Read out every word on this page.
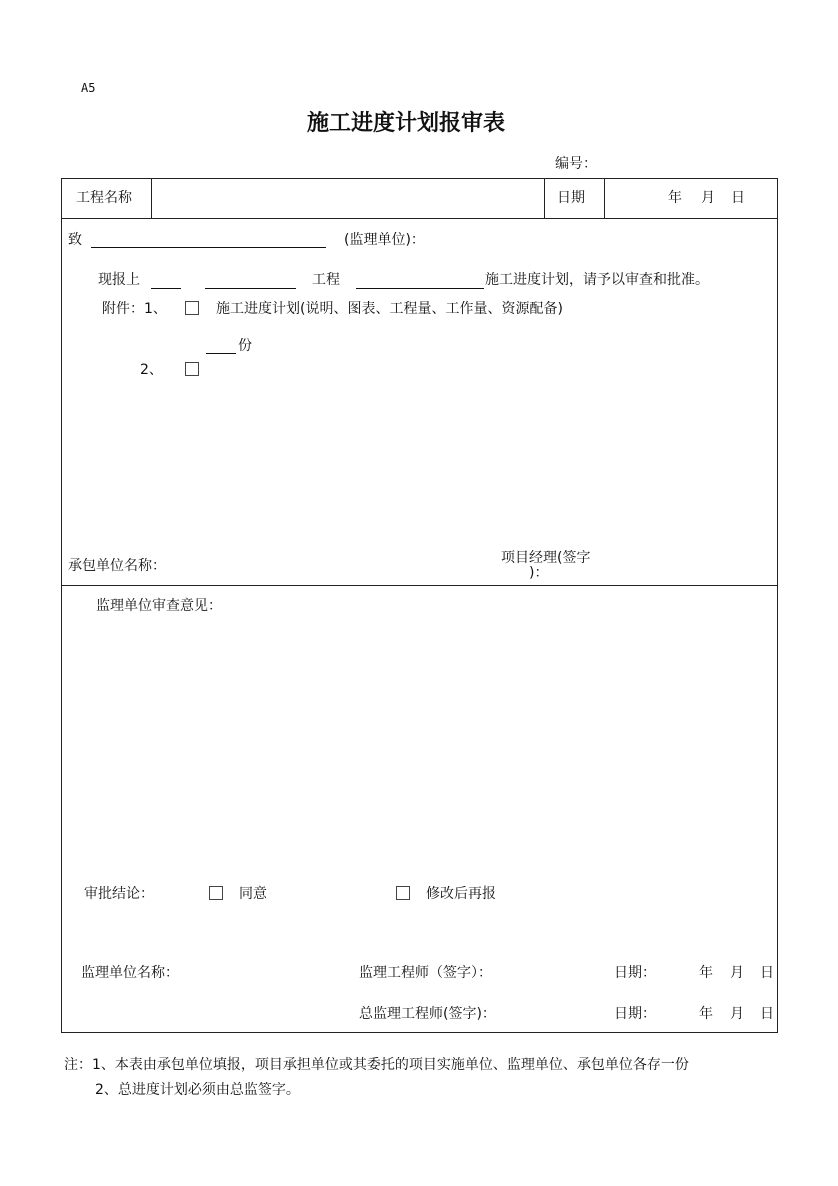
A5
施工进度计划报审表
编号：
工程名称	日期	年 月 日
致	(监理单位)：
现报上	工程	施工进度计划，请予以审查和批准。
附件：1、	施工进度计划(说明、图表、工程量、工作量、资源配备)
份
2、
承包单位名称：	项目经理(签字
)：
监理单位审查意见：
审批结论：	同意	修改后再报
监理单位名称：	监理工程师（签字）：	日期：	年 月 日
总监理工程师(签字)：	日期：	年 月 日
注：1、本表由承包单位填报，项目承担单位或其委托的项目实施单位、监理单位、承包单位各存一份
2、总进度计划必须由总监签字。
